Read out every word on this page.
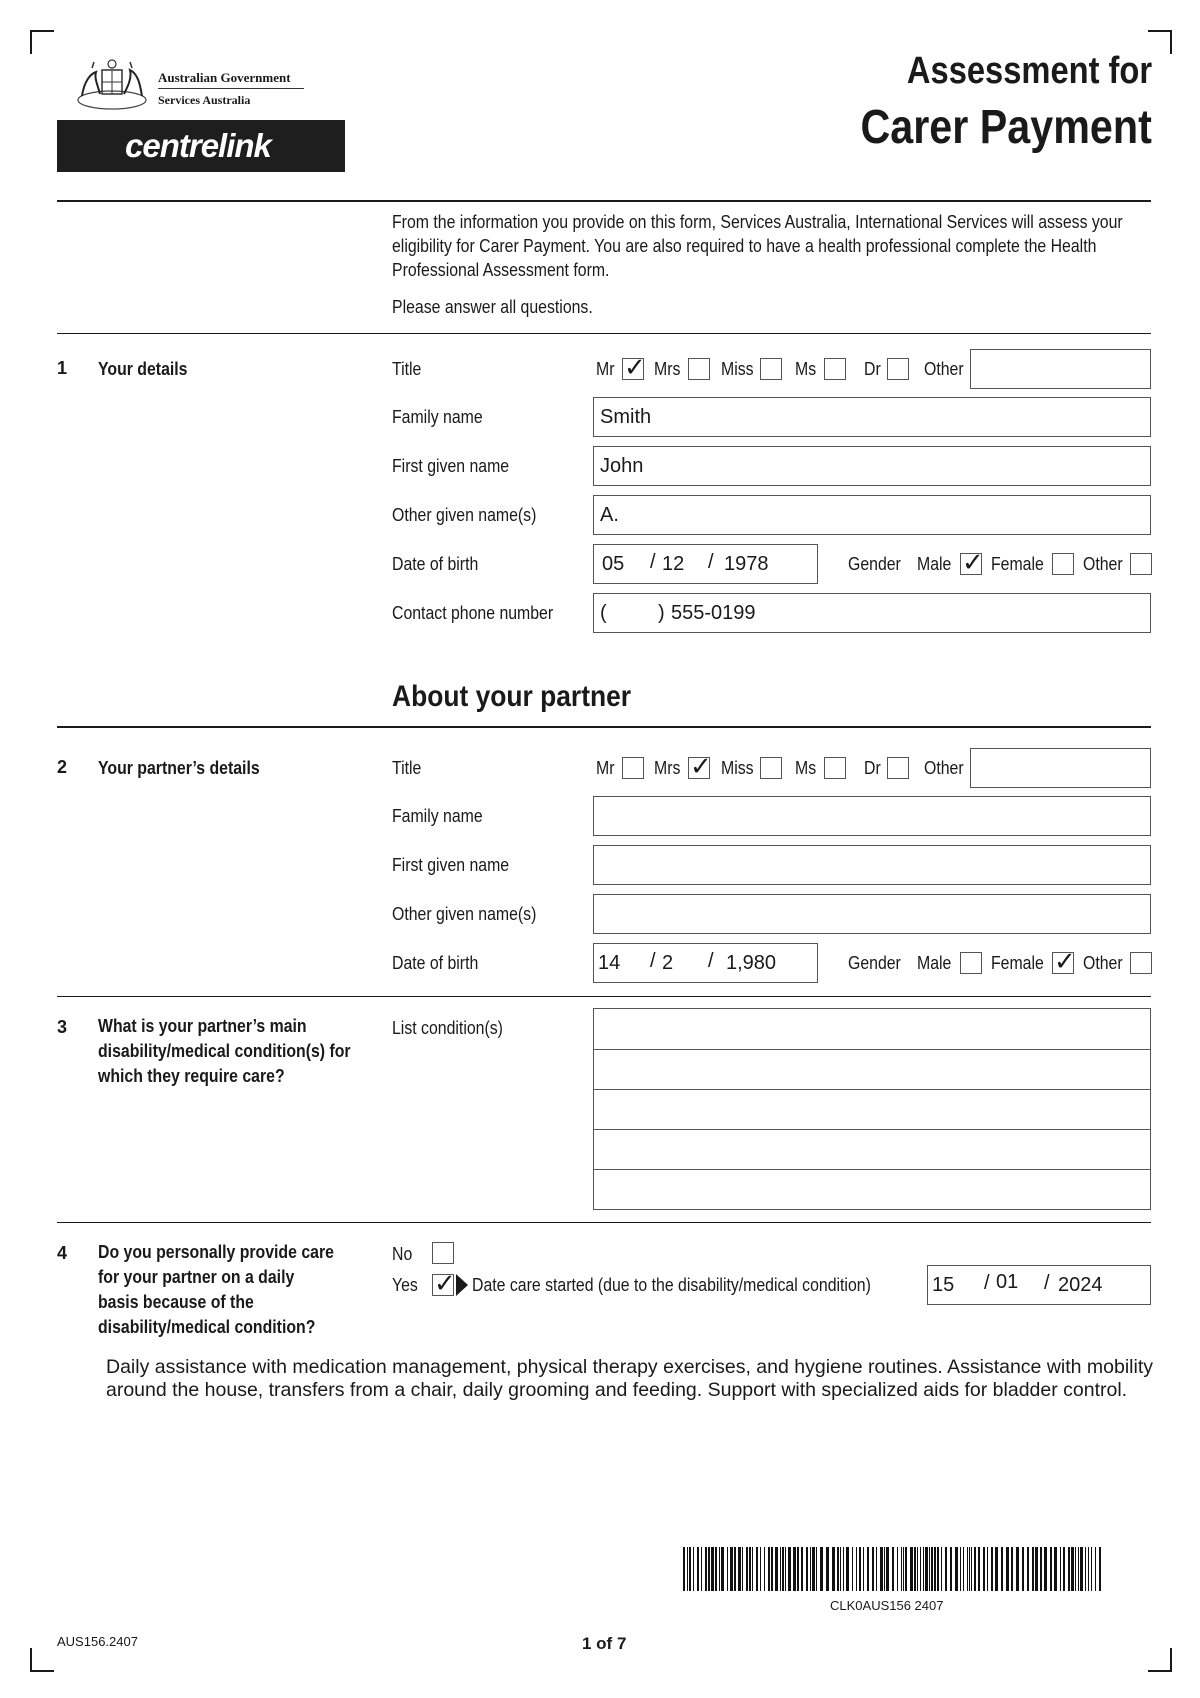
Australian Government
Services Australia
centrelink
Assessment for
Carer Payment
From the information you provide on this form, Services Australia, International Services will assess your eligibility for Carer Payment. You are also required to have a health professional complete the Health Professional Assessment form.
Please answer all questions.
1 Your details	Title	Mr ✓ Mrs Miss Ms	Dr Other
Family name	Smith
First given name	John
Other given name(s)	A.
Date of birth	05 / 12 / 1978	Gender Male ✓ Female Other
Contact phone number (	) 555-0199
About your partner
2 Your partner’s details	Title	Mr Mrs ✓ Miss Ms	Dr Other
Family name
First given name
Other given name(s)
Date of birth	14 / 2 / 1,980	Gender Male Female ✓ Other
3 What is your partner’s main disability/medical condition(s) for which they require care?
List condition(s)
4 Do you personally provide care for your partner on a daily basis because of the disability/medical condition?
No
Yes ✓ Date care started (due to the disability/medical condition)	15 / 01 / 2024
Daily assistance with medication management, physical therapy exercises, and hygiene routines. Assistance with mobility around the house, transfers from a chair, daily grooming and feeding. Support with specialized aids for bladder control.
CLK0AUS156 2407
AUS156.2407	1 of 7
